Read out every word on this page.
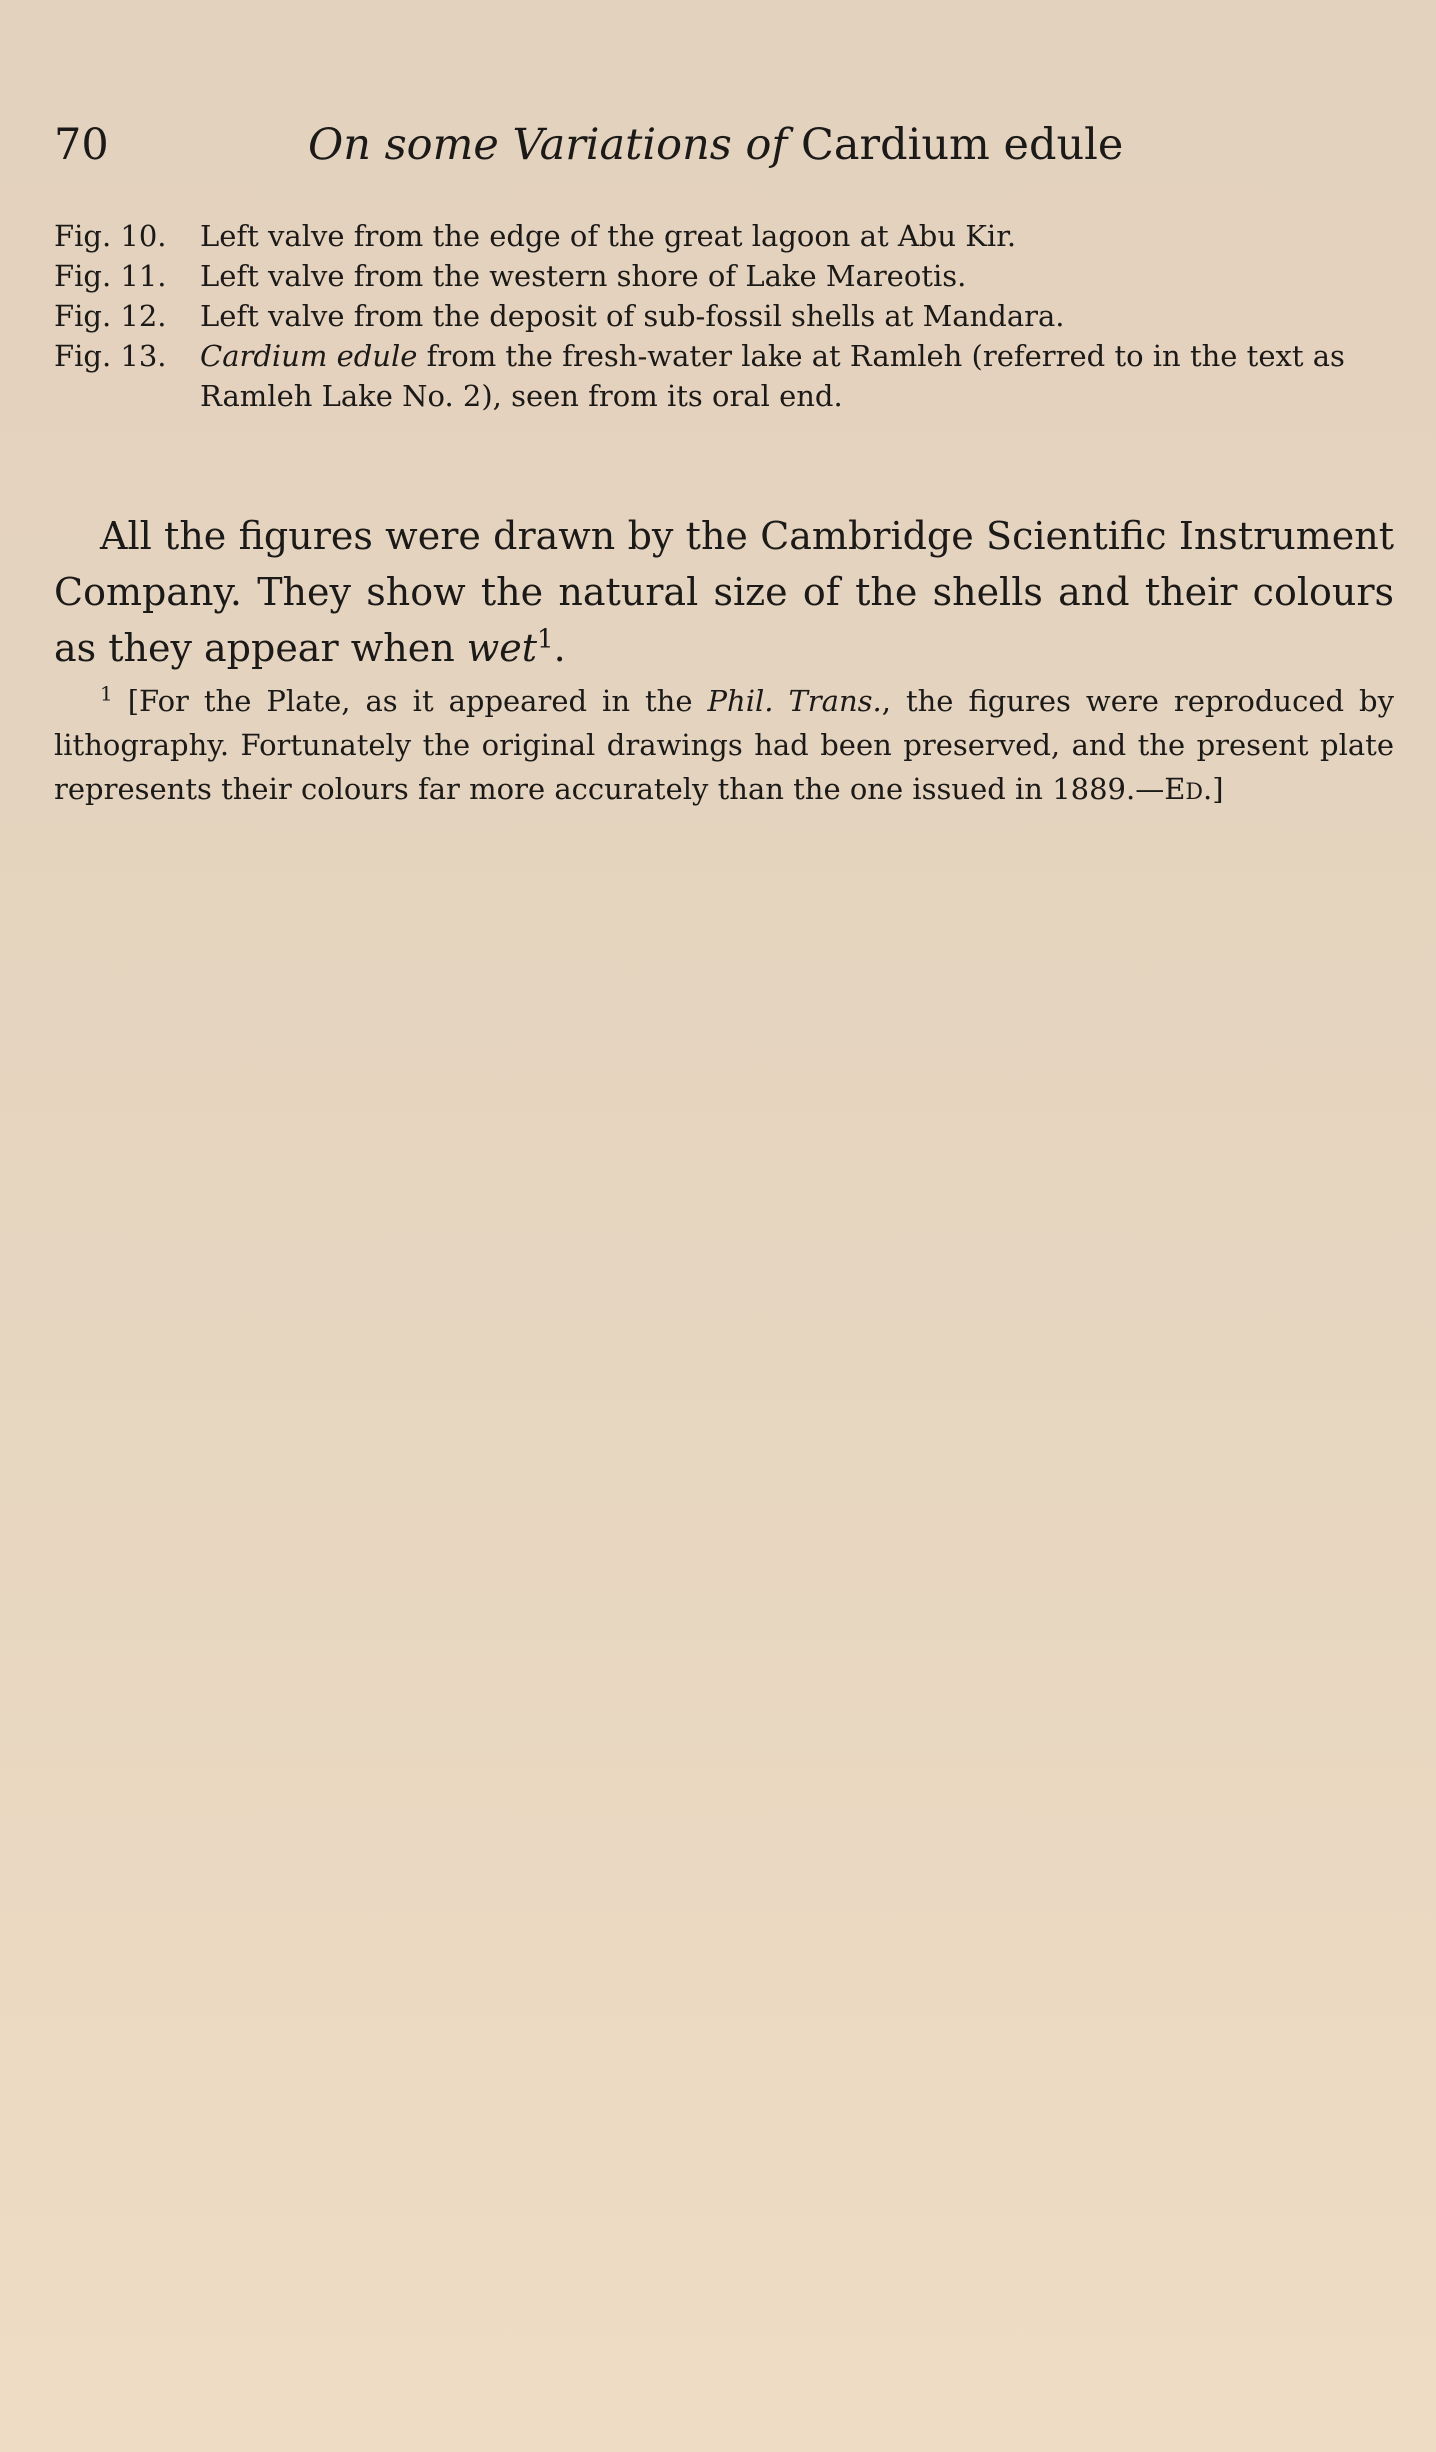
70	On some Variations of Cardium edule
Fig. 10.	Left valve from the edge of the great lagoon at Abu Kir.
Fig. 11.	Left valve from the western shore of Lake Mareotis.
Fig. 12.	Left valve from the deposit of sub-fossil shells at Mandara.
Fig. 13.	Cardium edule from the fresh-water lake at Ramleh (referred to in the text as Ramleh Lake No. 2), seen from its oral end.

All the figures were drawn by the Cambridge Scientific Instrument Company. They show the natural size of the shells and their colours as they appear when wet$^1$.

$^1$ [For the Plate, as it appeared in the Phil. Trans., the figures were reproduced by lithography. Fortunately the original drawings had been preserved, and the present plate represents their colours far more accurately than the one issued in 1889.—ED.]
